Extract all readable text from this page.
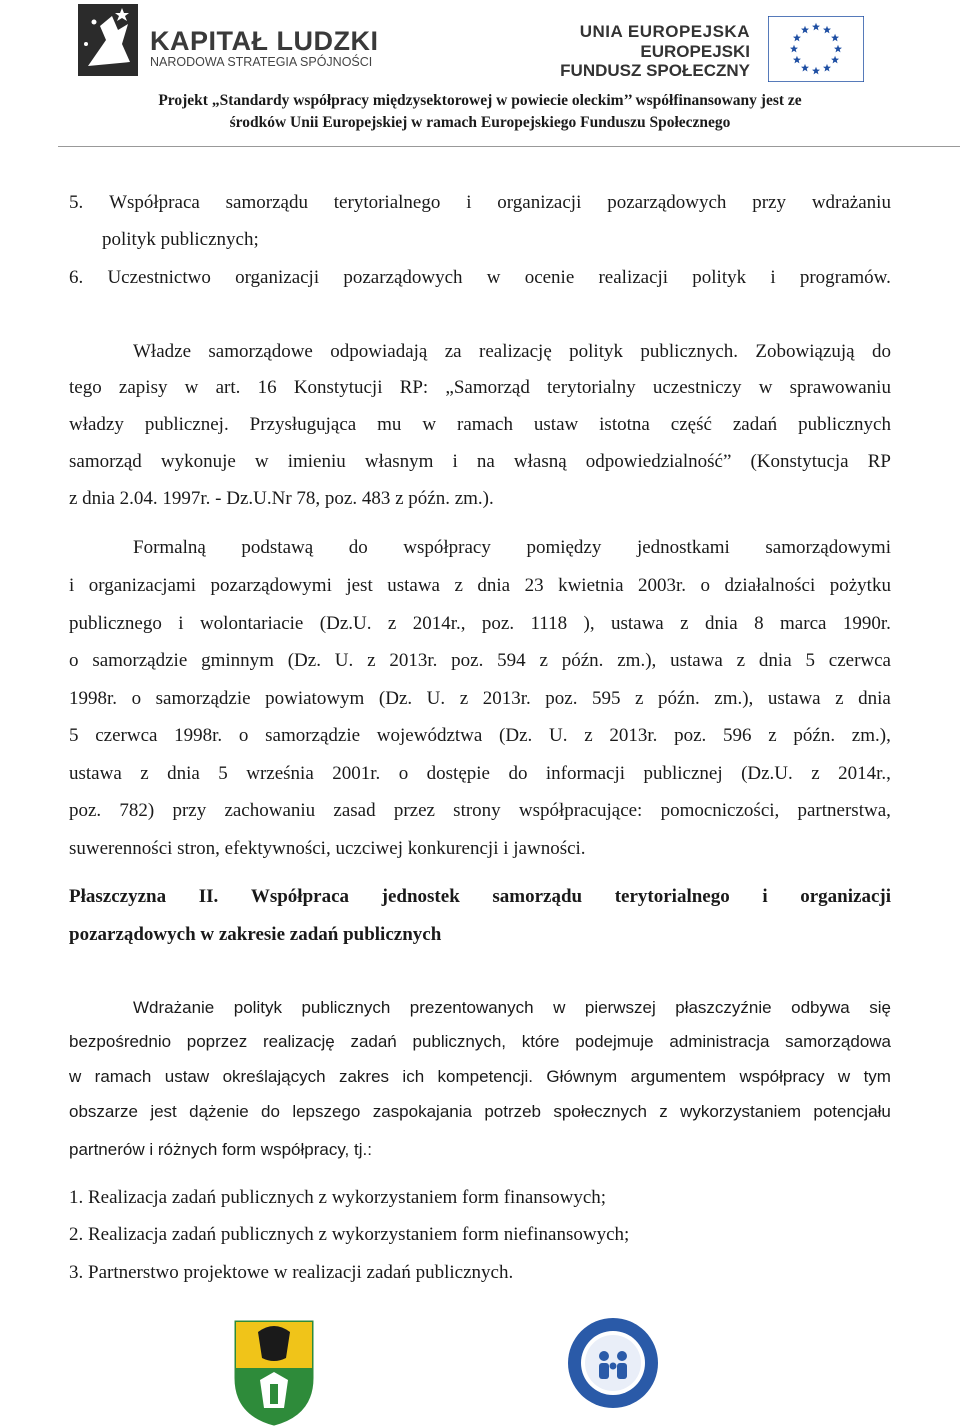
KAPITAŁ LUDZKI
NARODOWA STRATEGIA SPÓJNOŚCI
UNIA EUROPEJSKA
EUROPEJSKI
FUNDUSZ SPOŁECZNY
Projekt „Standardy współpracy międzysektorowej w powiecie oleckim’’ współfinansowany jest ze
środków Unii Europejskiej w ramach Europejskiego Funduszu Społecznego
5. Współpraca samorządu terytorialnego i organizacji pozarządowych przy wdrażaniu
polityk publicznych;
6. Uczestnictwo organizacji pozarządowych w ocenie realizacji polityk i programów.
Władze samorządowe odpowiadają za realizację polityk publicznych. Zobowiązują do
tego zapisy w art. 16 Konstytucji RP: „Samorząd terytorialny uczestniczy w sprawowaniu
władzy publicznej. Przysługująca mu w ramach ustaw istotna część zadań publicznych
samorząd wykonuje w imieniu własnym i na własną odpowiedzialność” (Konstytucja RP
z dnia 2.04. 1997r. - Dz.U.Nr 78, poz. 483 z późn. zm.).
Formalną podstawą do współpracy pomiędzy jednostkami samorządowymi
i organizacjami pozarządowymi jest ustawa z dnia 23 kwietnia 2003r. o działalności pożytku
publicznego i wolontariacie (Dz.U. z 2014r., poz. 1118 ), ustawa z dnia 8 marca 1990r.
o samorządzie gminnym (Dz. U. z 2013r. poz. 594 z późn. zm.), ustawa z dnia 5 czerwca
1998r. o samorządzie powiatowym (Dz. U. z 2013r. poz. 595 z późn. zm.), ustawa z dnia
5 czerwca 1998r. o samorządzie województwa (Dz. U. z 2013r. poz. 596 z późn. zm.),
ustawa z dnia 5 września 2001r. o dostępie do informacji publicznej (Dz.U. z 2014r.,
poz. 782) przy zachowaniu zasad przez strony współpracujące: pomocniczości, partnerstwa,
suwerenności stron, efektywności, uczciwej konkurencji i jawności.
Płaszczyzna II. Współpraca jednostek samorządu terytorialnego i organizacji
pozarządowych w zakresie zadań publicznych
Wdrażanie polityk publicznych prezentowanych w pierwszej płaszczyźnie odbywa się
bezpośrednio poprzez realizację zadań publicznych, które podejmuje administracja samorządowa
w ramach ustaw określających zakres ich kompetencji. Głównym argumentem współpracy w tym
obszarze jest dążenie do lepszego zaspokajania potrzeb społecznych z wykorzystaniem potencjału
partnerów i różnych form współpracy, tj.:
1. Realizacja zadań publicznych z wykorzystaniem form finansowych;
2. Realizacja zadań publicznych z wykorzystaniem form niefinansowych;
3. Partnerstwo projektowe w realizacji zadań publicznych.
